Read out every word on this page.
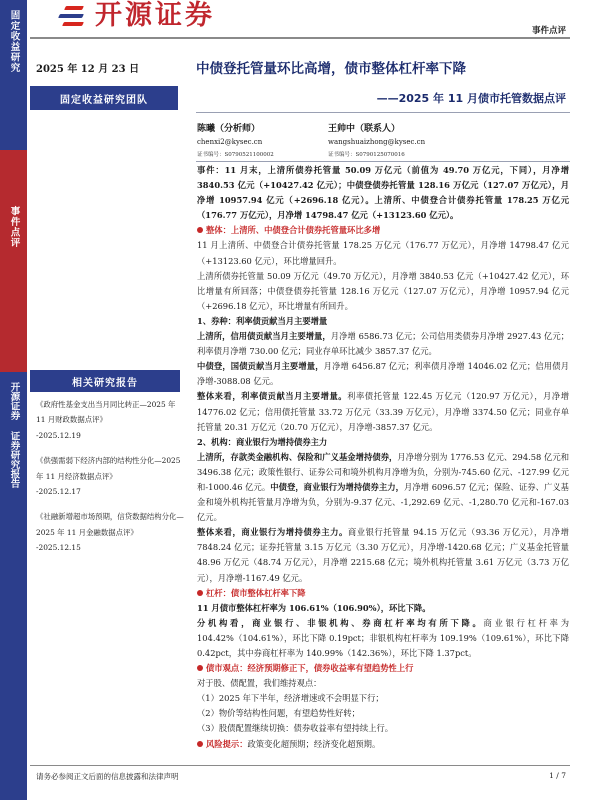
开源证券	事件点评
固定收益研究
事件点评
开源证券 证券研究报告
2025 年 12 月 23 日
固定收益研究团队
相关研究报告
《政府性基金支出当月同比转正—2025 年 11 月财政数据点评》
-2025.12.19
《供强需弱下经济内部的结构性分化—2025 年 11 月经济数据点评》
-2025.12.17
《社融新增超市场预期，信贷数据结构分化—2025 年 11 月金融数据点评》
-2025.12.15
中债登托管量环比高增，债市整体杠杆率下降
——2025 年 11 月债市托管数据点评
陈曦（分析师）
chenxi2@kysec.cn
证书编号：S0790521100002
王帅中（联系人）
wangshuaizhong@kysec.cn
证书编号：S0790125070016

事件：11 月末，上清所债券托管量 50.09 万亿元（前值为 49.70 万亿元，下同），月净增 3840.53 亿元（+10427.42 亿元）；中债登债券托管量 128.16 万亿元（127.07 万亿元），月净增 10957.94 亿元（+2696.18 亿元）。上清所、中债登合计债券托管量 178.25 万亿元（176.77 万亿元），月净增 14798.47 亿元（+13123.60 亿元）。

整体：上清所、中债登合计债券托管量环比多增

11 月上清所、中债登合计债券托管量 178.25 万亿元（176.77 万亿元），月净增 14798.47 亿元（+13123.60 亿元），环比增量回升。

上清所债券托管量 50.09 万亿元（49.70 万亿元），月净增 3840.53 亿元（+10427.42 亿元），环比增量有所回落；中债登债券托管量 128.16 万亿元（127.07 万亿元），月净增 10957.94 亿元（+2696.18 亿元），环比增量有所回升。

1、券种：利率债贡献当月主要增量

上清所，信用债贡献当月主要增量，月净增 6586.73 亿元；公司信用类债券月净增 2927.43 亿元；利率债月净增 730.00 亿元；同业存单环比减少 3857.37 亿元。

中债登，国债贡献当月主要增量，月净增 6456.87 亿元；利率债月净增 14046.02 亿元；信用债月净增-3088.08 亿元。

整体来看，利率债贡献当月主要增量。利率债托管量 122.45 万亿元（120.97 万亿元），月净增 14776.02 亿元；信用债托管量 33.72 万亿元（33.39 万亿元），月净增 3374.50 亿元；同业存单托管量 20.31 万亿元（20.70 万亿元），月净增-3857.37 亿元。

2、机构：商业银行为增持债券主力

上清所，存款类金融机构、保险和广义基金增持债券，月净增分别为 1776.53 亿元、294.58 亿元和 3496.38 亿元；政策性银行、证券公司和境外机构月净增为负，分别为-745.60 亿元、-127.99 亿元和-1000.46 亿元。中债登，商业银行为增持债券主力，月净增 6096.57 亿元；保险、证券、广义基金和境外机构托管量月净增为负，分别为-9.37 亿元、-1,292.69 亿元、-1,280.70 亿元和-167.03 亿元。

整体来看，商业银行为增持债券主力。商业银行托管量 94.15 万亿元（93.36 万亿元），月净增 7848.24 亿元；证券托管量 3.15 万亿元（3.30 万亿元），月净增-1420.68 亿元；广义基金托管量 48.96 万亿元（48.74 万亿元），月净增 2215.68 亿元；境外机构托管量 3.61 万亿元（3.73 万亿元），月净增-1167.49 亿元。

杠杆：债市整体杠杆率下降

11 月债市整体杠杆率为 106.61%（106.90%），环比下降。

分机构看，商业银行、非银机构、券商杠杆率均有所下降。商业银行杠杆率为 104.42%（104.61%），环比下降 0.19pct；非银机构杠杆率为 109.19%（109.61%），环比下降 0.42pct，其中券商杠杆率为 140.99%（142.36%），环比下降 1.37pct。

债市观点：经济预期修正下，债券收益率有望趋势性上行

对于股、债配置，我们维持观点：

（1）2025 年下半年，经济增速或不会明显下行；

（2）物价等结构性问题，有望趋势性好转；

（3）股债配置继续切换：债券收益率有望持续上行。

风险提示：政策变化超预期；经济变化超预期。

请务必参阅正文后面的信息披露和法律声明	1 / 7
